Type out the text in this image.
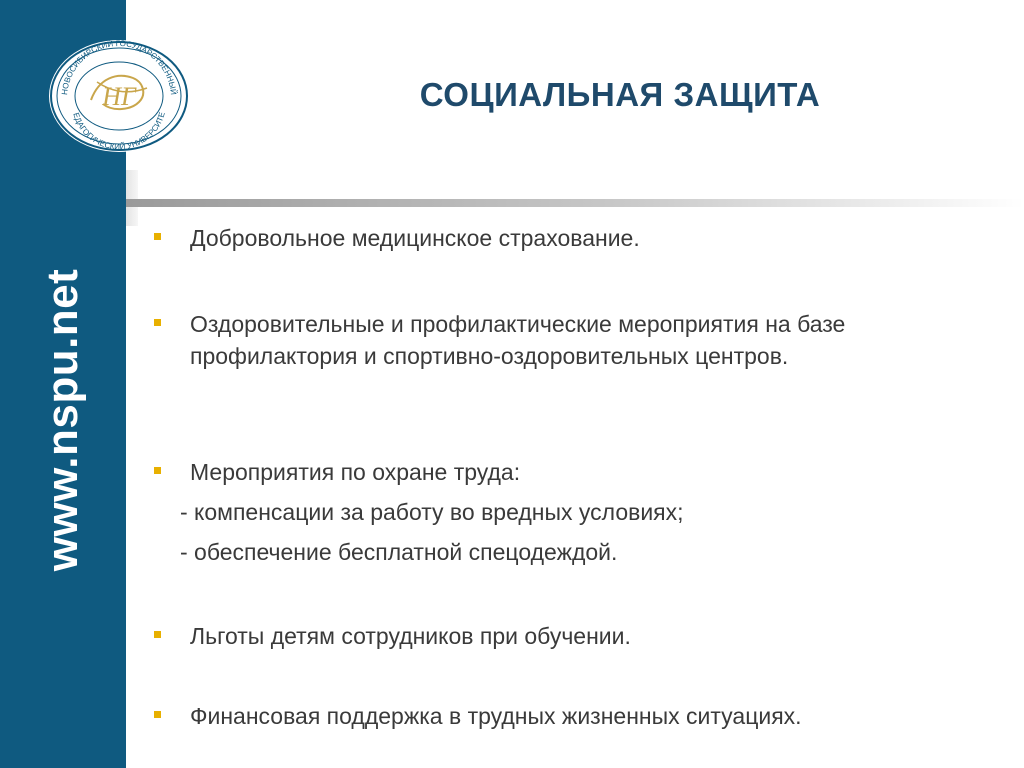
НОВОСИБИРСКИЙ ГОСУДАРСТВЕННЫЙ
ЕДАГОГИЧЕСКИЙ УНИВЕРСИТЕ
НГ
www.nspu.net
СОЦИАЛЬНАЯ ЗАЩИТА

Добровольное медицинское страхование.

Оздоровительные и профилактические мероприятия на базе профилактория и спортивно-оздоровительных центров.

Мероприятия по охране труда:

- компенсации за работу во вредных условиях;

- обеспечение бесплатной спецодеждой.

Льготы детям сотрудников при обучении.

Финансовая поддержка в трудных жизненных ситуациях.
